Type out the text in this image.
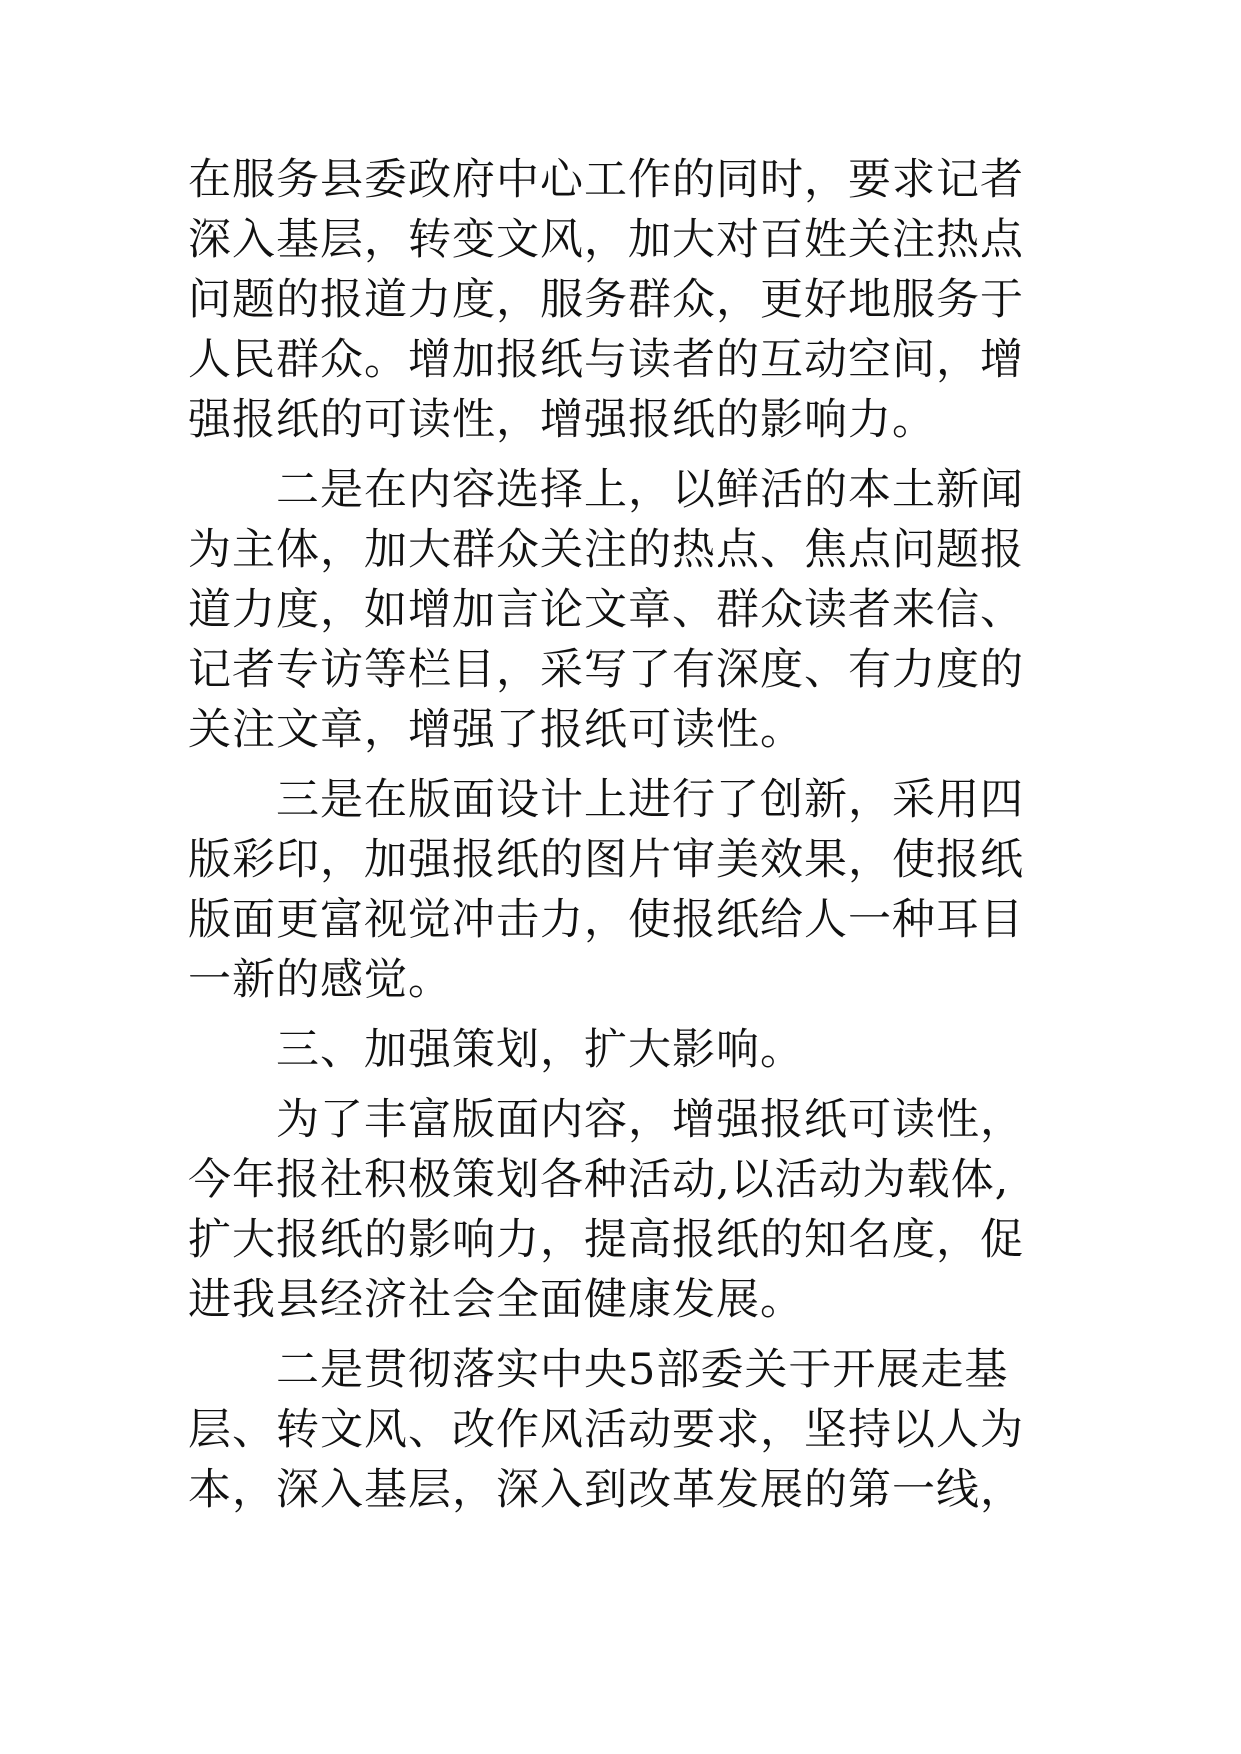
在服务县委政府中心工作的同时，要求记者
深入基层，转变文风，加大对百姓关注热点
问题的报道力度，服务群众，更好地服务于
人民群众。增加报纸与读者的互动空间，增
强报纸的可读性，增强报纸的影响力。
　　二是在内容选择上，以鲜活的本土新闻
为主体，加大群众关注的热点、焦点问题报
道力度，如增加言论文章、群众读者来信、
记者专访等栏目，采写了有深度、有力度的
关注文章，增强了报纸可读性。
　　三是在版面设计上进行了创新，采用四
版彩印，加强报纸的图片审美效果，使报纸
版面更富视觉冲击力，使报纸给人一种耳目
一新的感觉。
　　三、加强策划，扩大影响。
　　为了丰富版面内容，增强报纸可读性，
今年报社积极策划各种活动,以活动为载体,
扩大报纸的影响力，提高报纸的知名度，促
进我县经济社会全面健康发展。
　　二是贯彻落实中央5部委关于开展走基
层、转文风、改作风活动要求，坚持以人为
本，深入基层，深入到改革发展的第一线，
